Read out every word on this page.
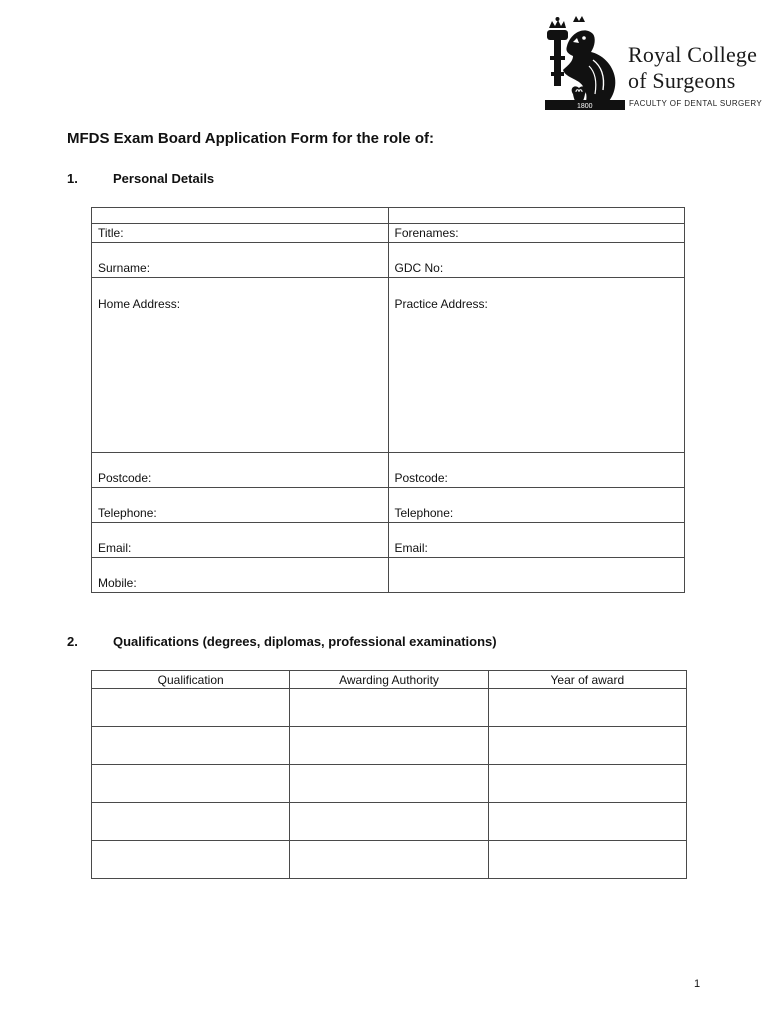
1800
Royal College
of Surgeons
FACULTY OF DENTAL SURGERY
MFDS Exam Board Application Form for the role of:
1.	Personal Details

Title:	Forenames:

Surname:	GDC No:

Home Address:	Practice Address:

Postcode:	Postcode:

Telephone:	Telephone:

Email:	Email:

Mobile:	

2.	Qualifications (degrees, diplomas, professional examinations)
Qualification	Awarding Authority	Year of award

1
